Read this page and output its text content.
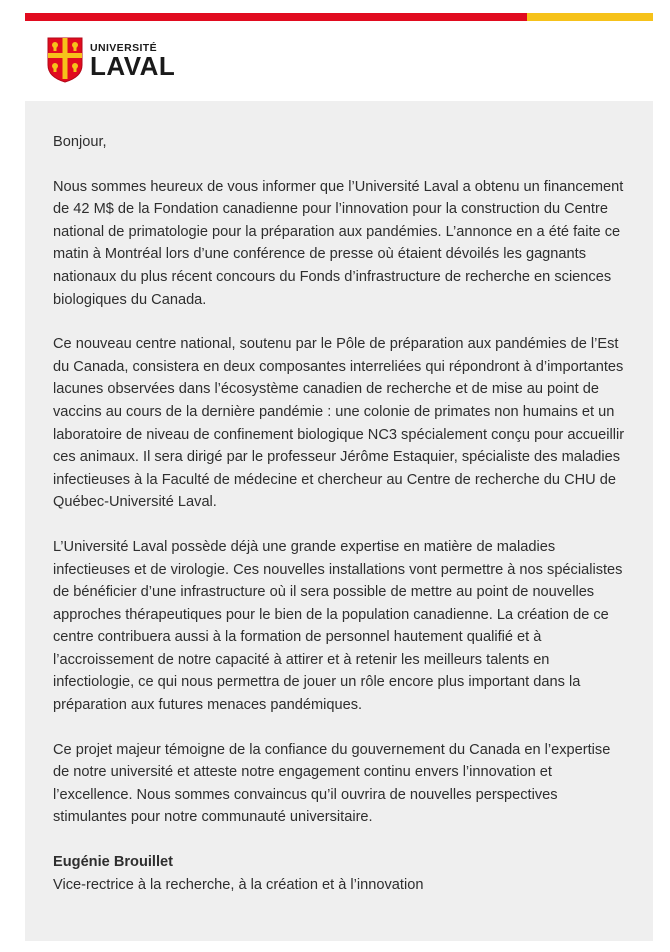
UNIVERSITÉ
LAVAL

Bonjour,

Nous sommes heureux de vous informer que l’Université Laval a obtenu un financement de 42 M$ de la Fondation canadienne pour l’innovation pour la construction du Centre national de primatologie pour la préparation aux pandémies. L’annonce en a été faite ce matin à Montréal lors d’une conférence de presse où étaient dévoilés les gagnants nationaux du plus récent concours du Fonds d’infrastructure de recherche en sciences biologiques du Canada.

Ce nouveau centre national, soutenu par le Pôle de préparation aux pandémies de l’Est du Canada, consistera en deux composantes interreliées qui répondront à d’importantes lacunes observées dans l’écosystème canadien de recherche et de mise au point de vaccins au cours de la dernière pandémie : une colonie de primates non humains et un laboratoire de niveau de confinement biologique NC3 spécialement conçu pour accueillir ces animaux. Il sera dirigé par le professeur Jérôme Estaquier, spécialiste des maladies infectieuses à la Faculté de médecine et chercheur au Centre de recherche du CHU de Québec-Université Laval.

L’Université Laval possède déjà une grande expertise en matière de maladies infectieuses et de virologie. Ces nouvelles installations vont permettre à nos spécialistes de bénéficier d’une infrastructure où il sera possible de mettre au point de nouvelles approches thérapeutiques pour le bien de la population canadienne. La création de ce centre contribuera aussi à la formation de personnel hautement qualifié et à l’accroissement de notre capacité à attirer et à retenir les meilleurs talents en infectiologie, ce qui nous permettra de jouer un rôle encore plus important dans la préparation aux futures menaces pandémiques.

Ce projet majeur témoigne de la confiance du gouvernement du Canada en l’expertise de notre université et atteste notre engagement continu envers l’innovation et l’excellence. Nous sommes convaincus qu’il ouvrira de nouvelles perspectives stimulantes pour notre communauté universitaire.

Eugénie Brouillet

Vice-rectrice à la recherche, à la création et à l’innovation
